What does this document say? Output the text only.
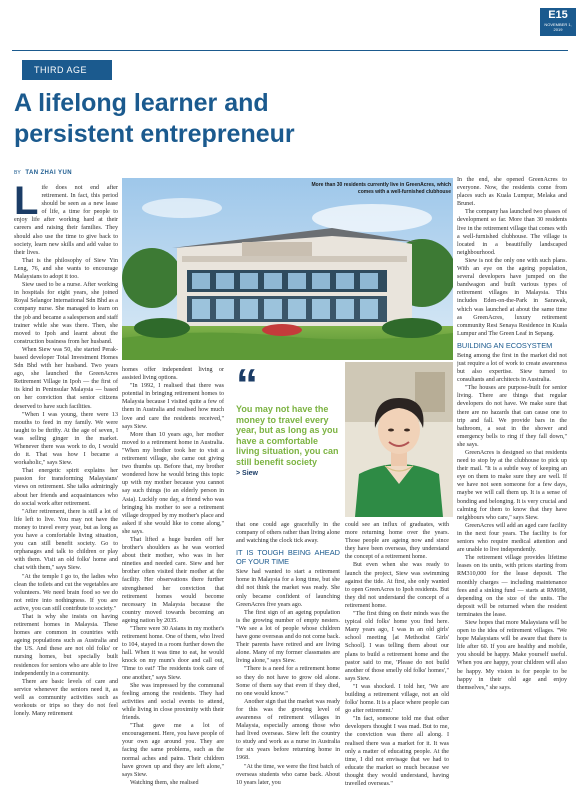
E15
NOVEMBER 1, 2019
THIRD AGE
A lifelong learner and
persistent entrepreneur
BY TAN ZHAI YUN
More than 30 residents currently live in GreenAcres, which comes with a well-furnished clubhouse
“
You may not have the money to travel every year, but as long as you have a comfortable living situation, you can still benefit society
> Siew

Life does not end after retirement. In fact, this period should be seen as a new lease of life, a time for people to enjoy life after working hard at their careers and raising their families. They should also use the time to give back to society, learn new skills and add value to their lives.

That is the philosophy of Siew Yin Leng, 76, and she wants to encourage Malaysians to adopt it too.

Siew used to be a nurse. After working in hospitals for eight years, she joined Royal Selangor International Sdn Bhd as a company nurse. She managed to learn on the job and became a salesperson and staff trainer while she was there. Then, she moved to Ipoh and learnt about the construction business from her husband.

When Siew was 50, she started Perak-based developer Total Investment Homes Sdn Bhd with her husband. Two years ago, she launched the GreenAcres Retirement Village in Ipoh — the first of its kind in Peninsular Malaysia — based on her conviction that senior citizens deserved to have such facilities.

"When I was young, there were 13 mouths to feed in my family. We were taught to be thrifty. At the age of seven, I was selling ginger in the market. Whenever there was work to do, I would do it. That was how I became a workaholic," says Siew.

That energetic spirit explains her passion for transforming Malaysians' views on retirement. She talks admiringly about her friends and acquaintances who do social work after retirement.

"After retirement, there is still a lot of life left to live. You may not have the money to travel every year, but as long as you have a comfortable living situation, you can still benefit society. Go to orphanages and talk to children or play with them. Visit an old folks' home and chat with them," says Siew.

"At the temple I go to, the ladies who clean the toilets and cut the vegetables are volunteers. We need brain food so we do not retire into nothingness. If you are active, you can still contribute to society."

That is why she insists on having retirement homes in Malaysia. These homes are common in countries with ageing populations such as Australia and the US. And these are not old folks' or nursing homes, but specially built residences for seniors who are able to live independently in a community.

There are basic levels of care and service whenever the seniors need it, as well as community activities such as workouts or trips so they do not feel lonely. Many retirement

homes offer independent living or assisted living options.

"In 1992, I realised that there was potential in bringing retirement homes to Malaysia because I visited quite a few of them in Australia and realised how much love and care the residents received," says Siew.

More than 10 years ago, her mother moved to a retirement home in Australia. "When my brother took her to visit a retirement village, she came out giving two thumbs up. Before that, my brother wondered how he would bring this topic up with my mother because you cannot say such things (to an elderly person in Asia). Luckily one day, a friend who was bringing his mother to see a retirement village dropped by my mother's place and asked if she would like to come along," she says.

That lifted a huge burden off her brother's shoulders as he was worried about their mother, who was in her nineties and needed care. Siew and her brother often visited their mother at the facility. Her observations there further strengthened her conviction that retirement homes would become necessary in Malaysia because the country moved towards becoming an ageing nation by 2035.

"There were 30 Asians in my mother's retirement home. One of them, who lived to 104, stayed in a room further down the hall. When it was time to eat, he would knock on my mum's door and call out, 'Time to eat!' The residents took care of one another," says Siew.

She was impressed by the communal feeling among the residents. They had activities and social events to attend, while living in close proximity with their friends.

"That gave me a lot of encouragement. Here, you have people of your own age around you. They are facing the same problems, such as the normal aches and pains. Their children have grown up and they are left alone," says Siew.

Watching them, she realised

that one could age gracefully in the company of others rather than living alone and watching the clock tick away.

IT IS TOUGH BEING AHEAD OF YOUR TIME

Siew had wanted to start a retirement home in Malaysia for a long time, but she did not think the market was ready. She only became confident of launching GreenAcres five years ago.

The first sign of an ageing population is the growing number of empty nesters. "We see a lot of people whose children have gone overseas and do not come back. Their parents have retired and are living alone. Many of my former classmates are living alone," says Siew.

"There is a need for a retirement home so they do not have to grow old alone. Some of them say that even if they died, no one would know."

Another sign that the market was ready for this was the growing level of awareness of retirement villages in Malaysia, especially among those who had lived overseas. Siew left the country to study and work as a nurse in Australia for six years before returning home in 1968.

"At the time, we were the first batch of overseas students who came back. About 10 years later, you

could see an influx of graduates, with more returning home over the years. Those people are ageing now and since they have been overseas, they understand the concept of a retirement home.

But even when she was ready to launch the project, Siew was swimming against the tide. At first, she only wanted to open GreenAcres to Ipoh residents. But they did not understand the concept of a retirement home.

"The first thing on their minds was the typical old folks' home you find here. Many years ago, I was in an old girls' school meeting [at Methodist Girls' School]. I was telling them about our plans to build a retirement home and the pastor said to me, 'Please do not build another of those smelly old folks' homes'," says Siew.

"I was shocked. I told her, 'We are building a retirement village, not an old folks' home. It is a place where people can go after retirement.'

"In fact, someone told me that other developers thought I was mad. But to me, the conviction was there all along. I realised there was a market for it. It was only a matter of educating people. At the time, I did not envisage that we had to educate the market so much because we thought they would understand, having travelled overseas."

In the end, she opened GreenAcres to everyone. Now, the residents come from places such as Kuala Lumpur, Melaka and Brunei.

The company has launched two phases of development so far. More than 30 residents live in the retirement village that comes with a well-furnished clubhouse. The village is located in a beautifully landscaped neighbourhood.

Siew is not the only one with such plans. With an eye on the ageing population, several developers have jumped on the bandwagon and built various types of retirement villages in Malaysia. This includes Eden-on-the-Park in Sarawak, which was launched at about the same time as GreenAcres, luxury retirement community Resi Senaya Residence in Kuala Lumpur and The Green Leaf in Sepang.

BUILDING AN ECOSYSTEM

Being among the first in the market did not just require a lot of work to create awareness but also expertise. Siew turned to consultants and architects in Australia.

"The houses are purpose-built for senior living. There are things that regular developers do not have. We make sure that there are no hazards that can cause one to trip and fall. We provide bars in the bathroom, a seat in the shower and emergency bells to ring if they fall down," she says.

GreenAcres is designed so that residents need to stop by at the clubhouse to pick up their mail. "It is a subtle way of keeping an eye on them to make sure they are well. If we have not seen someone for a few days, maybe we will call them up. It is a sense of bonding and belonging. It is very crucial and calming for them to know that they have neighbours who care," says Siew.

GreenAcres will add an aged care facility in the next four years. The facility is for seniors who require medical attention and are unable to live independently.

The retirement village provides lifetime leases on its units, with prices starting from RM310,000 for the lease deposit. The monthly charges — including maintenance fees and a sinking fund — starts at RM698, depending on the size of the units. The deposit will be returned when the resident terminates the lease.

Siew hopes that more Malaysians will be open to the idea of retirement villages. "We hope Malaysians will be aware that there is life after 60. If you are healthy and mobile, you should be happy. Make yourself useful. When you are happy, your children will also be happy. My vision is for people to be happy in their old age and enjoy themselves," she says.
